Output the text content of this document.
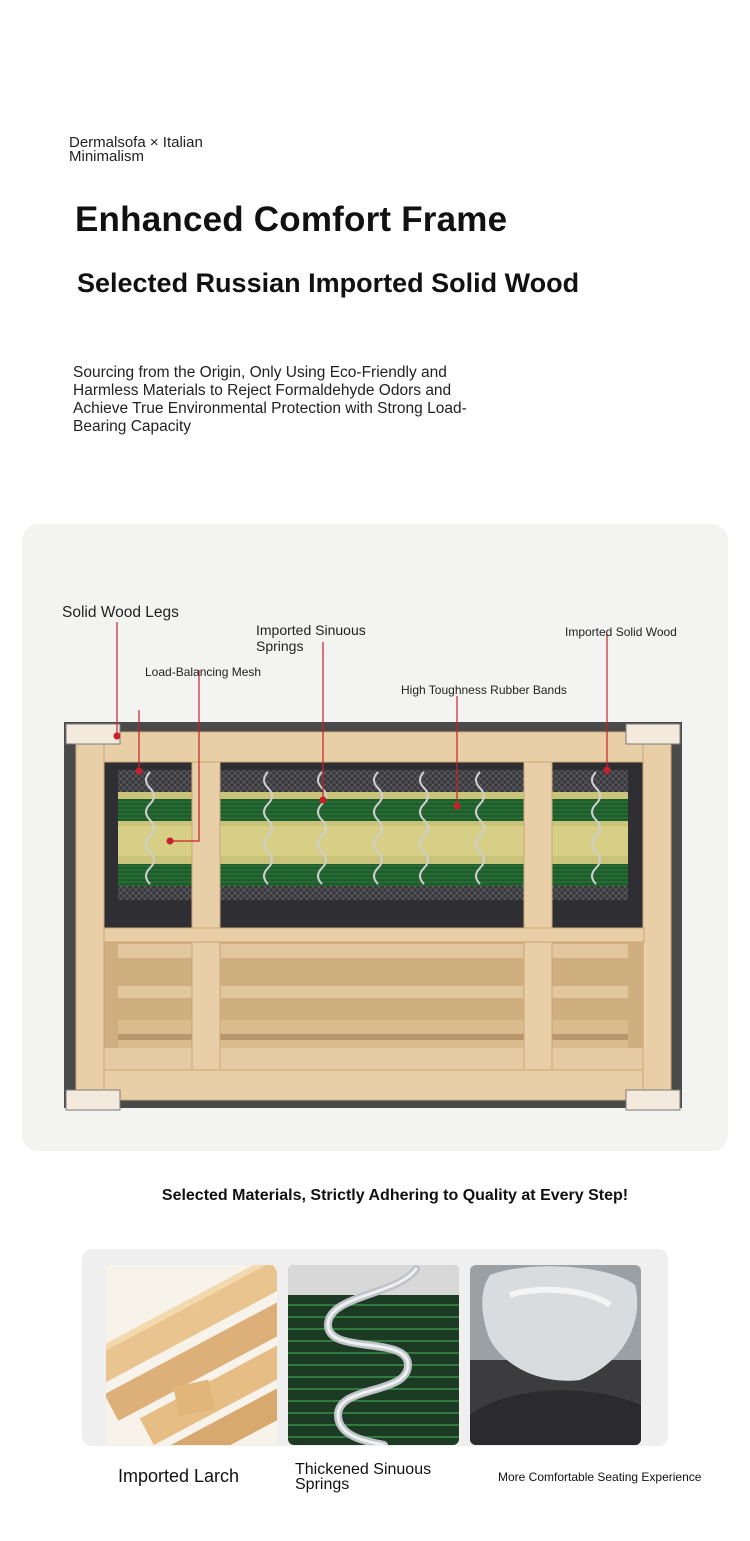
Dermalsofa × Italian Minimalism
Enhanced Comfort Frame
Selected Russian Imported Solid Wood

Sourcing from the Origin, Only Using Eco-Friendly and Harmless Materials to Reject Formaldehyde Odors and Achieve True Environmental Protection with Strong Load-Bearing Capacity

Solid Wood Legs
Imported Sinuous Springs
Load-Balancing Mesh
Imported Solid Wood
High Toughness Rubber Bands
Selected Materials, Strictly Adhering to Quality at Every Step!
Imported Larch	Thickened Sinuous Springs	More Comfortable Seating Experience
